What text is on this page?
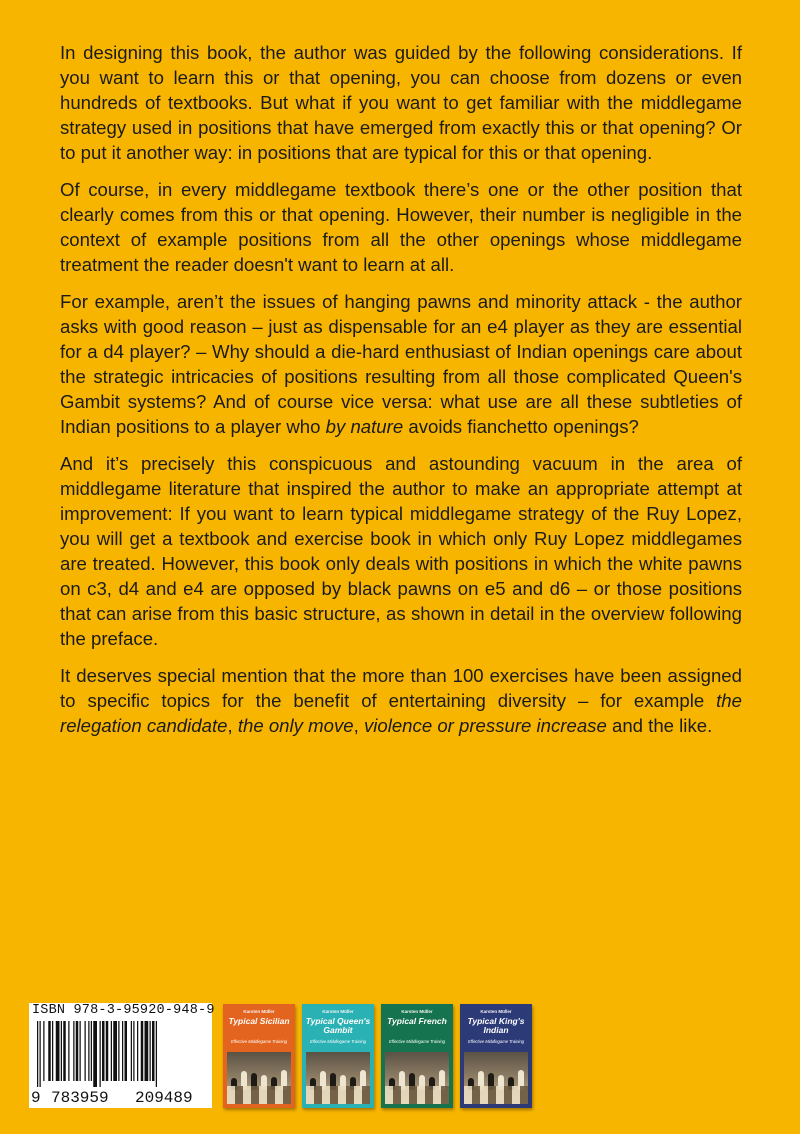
In designing this book, the author was guided by the following considerations. If you want to learn this or that opening, you can choose from dozens or even hundreds of textbooks. But what if you want to get familiar with the middlegame strategy used in positions that have emerged from exactly this or that opening? Or to put it another way: in positions that are typical for this or that opening.

Of course, in every middlegame textbook there’s one or the other position that clearly comes from this or that opening. However, their number is negligible in the context of example positions from all the other openings whose middlegame treatment the reader doesn't want to learn at all.

For example, aren’t the issues of hanging pawns and minority attack - the author asks with good reason – just as dispensable for an e4 player as they are essential for a d4 player? – Why should a die-hard enthusiast of Indian openings care about the strategic intricacies of positions resulting from all those complicated Queen's Gambit systems? And of course vice versa: what use are all these subtleties of Indian positions to a player who by nature avoids fianchetto openings?

And it’s precisely this conspicuous and astounding vacuum in the area of middlegame literature that inspired the author to make an appropriate attempt at improvement: If you want to learn typical middlegame strategy of the Ruy Lopez, you will get a textbook and exercise book in which only Ruy Lopez middlegames are treated. However, this book only deals with positions in which the white pawns on c3, d4 and e4 are opposed by black pawns on e5 and d6 – or those positions that can arise from this basic structure, as shown in detail in the overview following the preface.

It deserves special mention that the more than 100 exercises have been assigned to specific topics for the benefit of entertaining diversity – for example the relegation candidate, the only move, violence or pressure increase and the like.

ISBN 978-3-95920-948-9
9 783959 209489
Karsten Müller
Typical Sicilian
Effective Middlegame Training
Karsten Müller
Typical Queen's Gambit
Effective Middlegame Training
Karsten Müller
Typical French
Effective Middlegame Training
Karsten Müller
Typical King's Indian
Effective Middlegame Training
